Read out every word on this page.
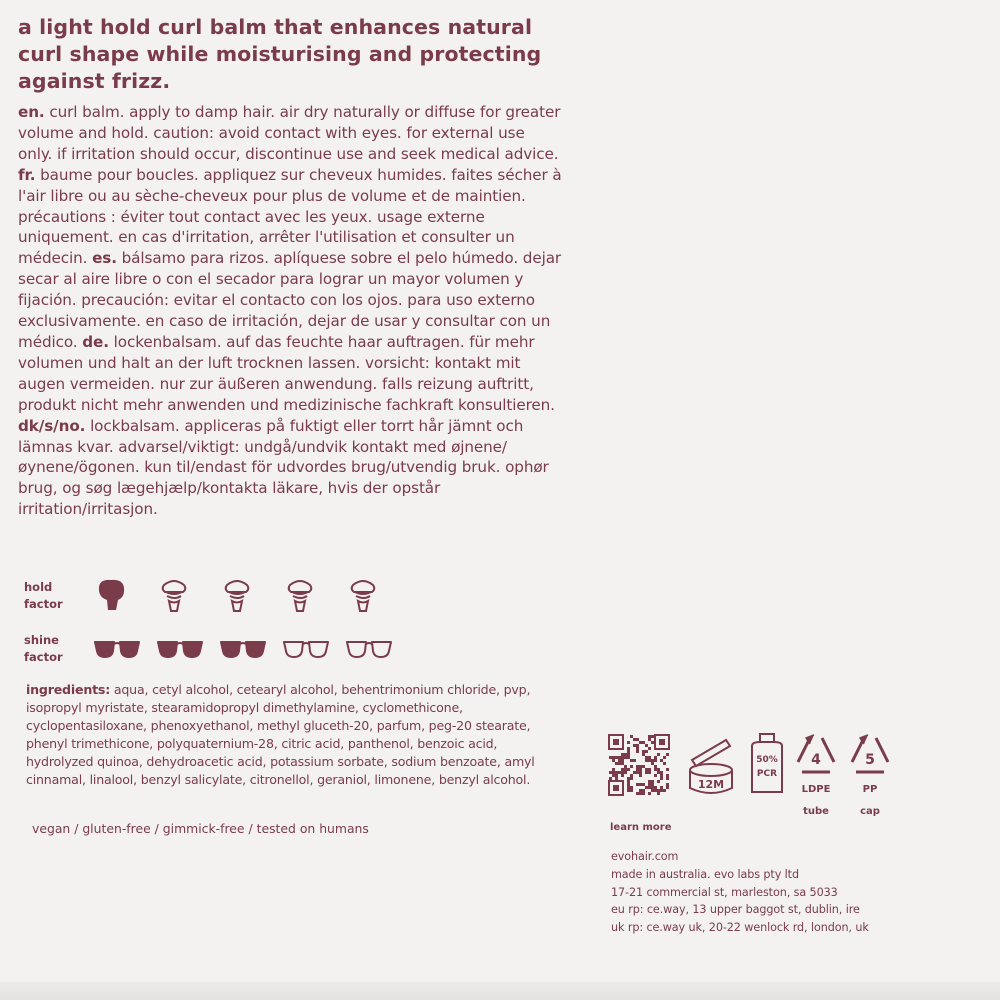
a light hold curl balm that enhances natural curl shape while moisturising and protecting against frizz.
en. curl balm. apply to damp hair. air dry naturally or diffuse for greater volume and hold. caution: avoid contact with eyes. for external use only. if irritation should occur, discontinue use and seek medical advice. fr. baume pour boucles. appliquez sur cheveux humides. faites sécher à l'air libre ou au sèche-cheveux pour plus de volume et de maintien. précautions : éviter tout contact avec les yeux. usage externe uniquement. en cas d'irritation, arrêter l'utilisation et consulter un médecin. es. bálsamo para rizos. aplíquese sobre el pelo húmedo. dejar secar al aire libre o con el secador para lograr un mayor volumen y fijación. precaución: evitar el contacto con los ojos. para uso externo exclusivamente. en caso de irritación, dejar de usar y consultar con un médico. de. lockenbalsam. auf das feuchte haar auftragen. für mehr volumen und halt an der luft trocknen lassen. vorsicht: kontakt mit augen vermeiden. nur zur äußeren anwendung. falls reizung auftritt, produkt nicht mehr anwenden und medizinische fachkraft konsultieren. dk/s/no. lockbalsam. appliceras på fuktigt eller torrt hår jämnt och lämnas kvar. advarsel/viktigt: undgå/undvik kontakt med øjnene/øynene/ögonen. kun til/endast för udvordes brug/utvendig bruk. ophør brug, og søg lægehjælp/kontakta läkare, hvis der opstår irritation/irritasjon.
hold factor
shine factor
ingredients: aqua, cetyl alcohol, cetearyl alcohol, behentrimonium chloride, pvp, isopropyl myristate, stearamidopropyl dimethylamine, cyclomethicone, cyclopentasiloxane, phenoxyethanol, methyl gluceth-20, parfum, peg-20 stearate, phenyl trimethicone, polyquaternium-28, citric acid, panthenol, benzoic acid, hydrolyzed quinoa, dehydroacetic acid, potassium sorbate, sodium benzoate, amyl cinnamal, linalool, benzyl salicylate, citronellol, geraniol, limonene, benzyl alcohol.
vegan / gluten-free / gimmick-free / tested on humans	learn more
12M
50%
PCR
4
LDPE
tube
5
PP
cap
evohair.com
made in australia. evo labs pty ltd
17-21 commercial st, marleston, sa 5033
eu rp: ce.way, 13 upper baggot st, dublin, ire
uk rp: ce.way uk, 20-22 wenlock rd, london, uk
